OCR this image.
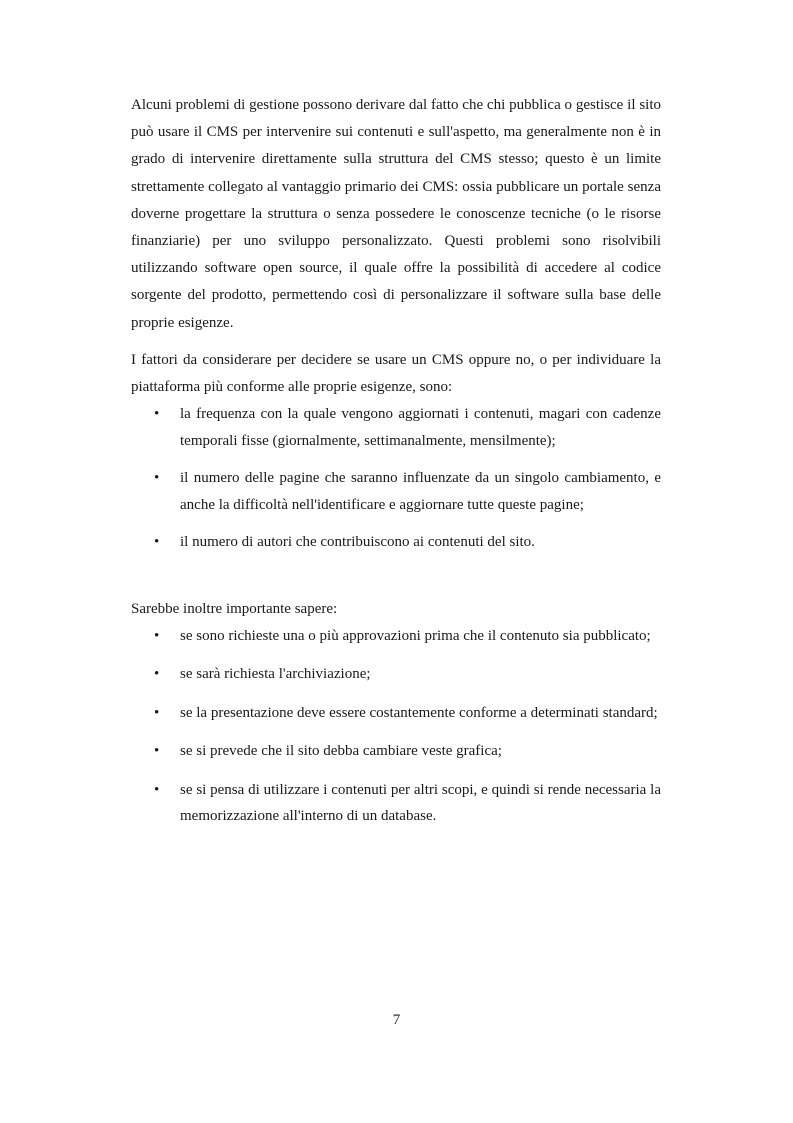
Alcuni problemi di gestione possono derivare dal fatto che chi pubblica o gestisce il sito può usare il CMS per intervenire sui contenuti e sull'aspetto, ma generalmente non è in grado di intervenire direttamente sulla struttura del CMS stesso; questo è un limite strettamente collegato al vantaggio primario dei CMS: ossia pubblicare un portale senza doverne progettare la struttura o senza possedere le conoscenze tecniche (o le risorse finanziarie) per uno sviluppo personalizzato. Questi problemi sono risolvibili utilizzando software open source, il quale offre la possibilità di accedere al codice sorgente del prodotto, permettendo così di personalizzare il software sulla base delle proprie esigenze.

I fattori da considerare per decidere se usare un CMS oppure no, o per individuare la piattaforma più conforme alle proprie esigenze, sono:

• la frequenza con la quale vengono aggiornati i contenuti, magari con cadenze temporali fisse (giornalmente, settimanalmente, mensilmente);
• il numero delle pagine che saranno influenzate da un singolo cambiamento, e anche la difficoltà nell'identificare e aggiornare tutte queste pagine;
• il numero di autori che contribuiscono ai contenuti del sito.

Sarebbe inoltre importante sapere:

• se sono richieste una o più approvazioni prima che il contenuto sia pubblicato;
• se sarà richiesta l'archiviazione;
• se la presentazione deve essere costantemente conforme a determinati standard;
• se si prevede che il sito debba cambiare veste grafica;
• se si pensa di utilizzare i contenuti per altri scopi, e quindi si rende necessaria la memorizzazione all'interno di un database.
7
